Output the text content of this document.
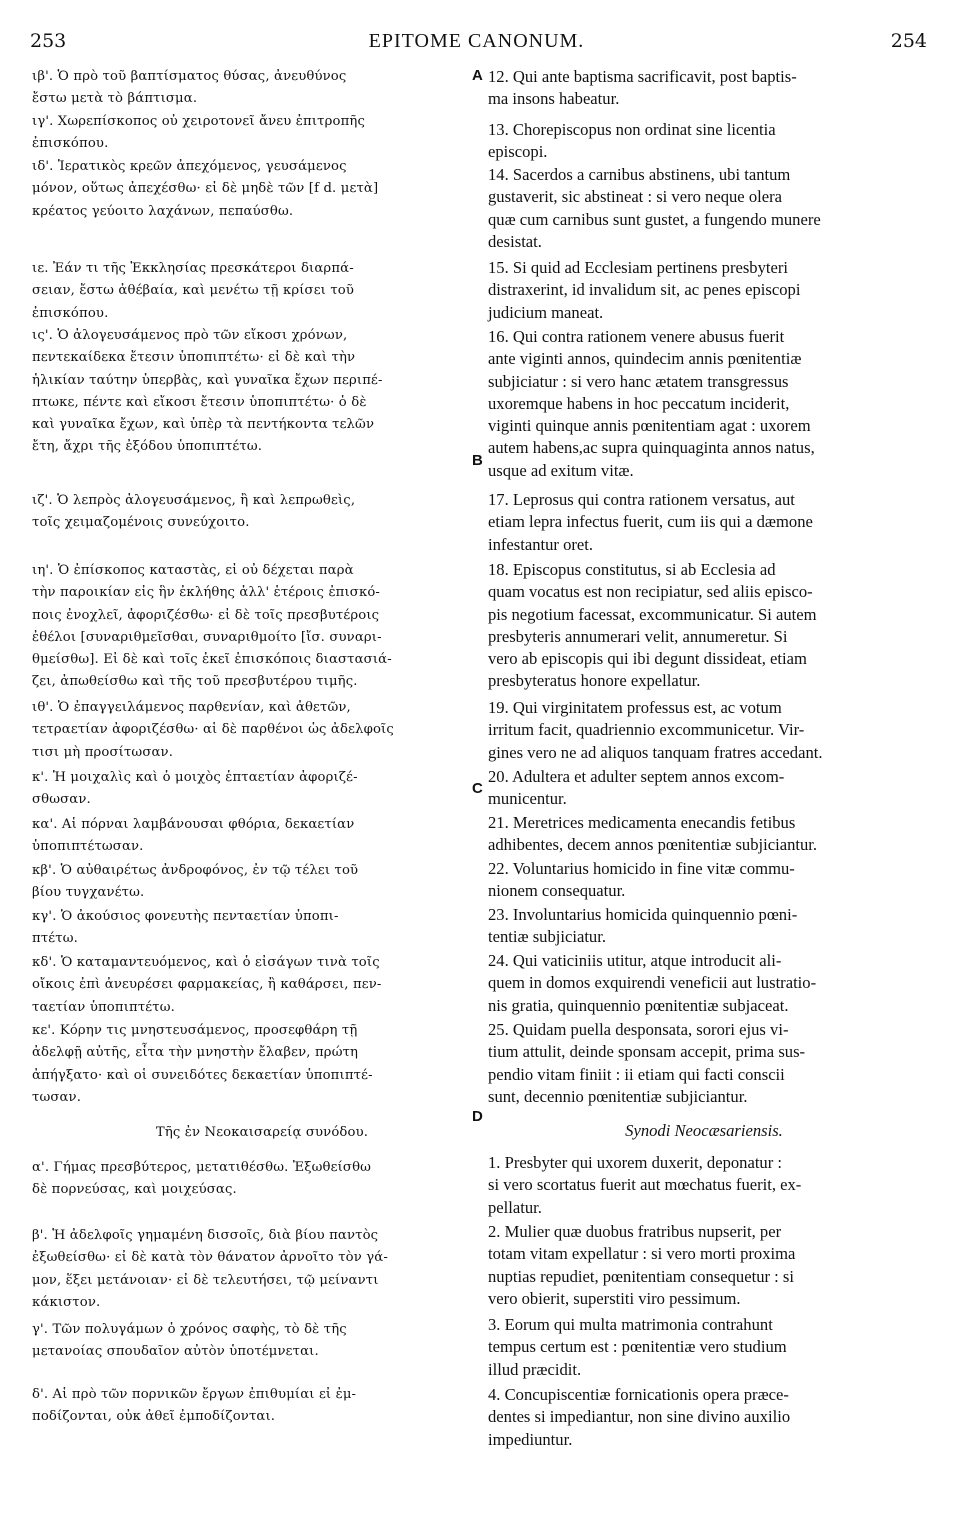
253	EPITOME CANONUM.	254

ιβ'. Ὁ πρὸ τοῦ βαπτίσματος θύσας, ἀνευθύνος
ἔστω μετὰ τὸ βάπτισμα.

ιγ'. Χωρεπίσκοπος οὐ χειροτονεῖ ἄνευ ἐπιτροπῆς
ἐπισκόπου.

ιδ'. Ἱερατικὸς κρεῶν ἀπεχόμενος, γευσάμενος
μόνον, οὕτως ἀπεχέσθω· εἰ δὲ μηδὲ τῶν [f d. μετὰ]
κρέατος γεύοιτο λαχάνων, πεπαύσθω.

ιε. Ἐάν τι τῆς Ἐκκλησίας πρεσκάτεροι διαρπά-
σειαν, ἔστω ἀθέβαία, καὶ μενέτω τῇ κρίσει τοῦ
ἐπισκόπου.

ις'. Ὁ ἀλογευσάμενος πρὸ τῶν εἴκοσι χρόνων,
πεντεκαίδεκα ἔτεσιν ὑποπιπτέτω· εἰ δὲ καὶ τὴν
ἡλικίαν ταύτην ὑπερβὰς, καὶ γυναῖκα ἔχων περιπέ-
πτωκε, πέντε καὶ εἴκοσι ἔτεσιν ὑποπιπτέτω· ὁ δὲ
καὶ γυναῖκα ἔχων, καὶ ὑπὲρ τὰ πεντήκοντα τελῶν
ἔτη, ἄχρι τῆς ἐξόδου ὑποπιπτέτω.

ιζ'. Ὁ λεπρὸς ἀλογευσάμενος, ἢ καὶ λεπρωθεὶς,
τοῖς χειμαζομένοις συνεύχοιτο.

ιη'. Ὁ ἐπίσκοπος καταστὰς, εἰ οὐ δέχεται παρὰ
τὴν παροικίαν εἰς ἣν ἐκλήθης ἀλλ' ἑτέροις ἐπισκό-
ποις ἐνοχλεῖ, ἀφοριζέσθω· εἰ δὲ τοῖς πρεσβυτέροις
ἐθέλοι [συναριθμεῖσθαι, συναριθμοίτο [ἴσ. συναρι-
θμείσθω]. Εἰ δὲ καὶ τοῖς ἐκεῖ ἐπισκόποις διαστασιά-
ζει, ἀπωθείσθω καὶ τῆς τοῦ πρεσβυτέρου τιμῆς.

ιθ'. Ὁ ἐπαγγειλάμενος παρθενίαν, καὶ ἀθετῶν,
τετραετίαν ἀφοριζέσθω· αἱ δὲ παρθένοι ὡς ἀδελφοῖς
τισι μὴ προσίτωσαν.

κ'. Ἡ μοιχαλὶς καὶ ὁ μοιχὸς ἑπταετίαν ἀφοριζέ-
σθωσαν.

κα'. Αἱ πόρναι λαμβάνουσαι φθόρια, δεκαετίαν
ὑποπιπτέτωσαν.

κβ'. Ὁ αὐθαιρέτως ἀνδροφόνος, ἐν τῷ τέλει τοῦ
βίου τυγχανέτω.

κγ'. Ὁ ἀκούσιος φονευτὴς πενταετίαν ὑποπι-
πτέτω.

κδ'. Ὁ καταμαντευόμενος, καὶ ὁ εἰσάγων τινὰ τοῖς
οἴκοις ἐπὶ ἀνευρέσει φαρμακείας, ἢ καθάρσει, πεν-
ταετίαν ὑποπιπτέτω.

κε'. Κόρην τις μνηστευσάμενος, προσεφθάρη τῇ
ἀδελφῇ αὐτῆς, εἶτα τὴν μνηστὴν ἔλαβεν, πρώτη
ἀπήγξατο· καὶ οἱ συνειδότες δεκαετίαν ὑποπιπτέ-
τωσαν.

Τῆς ἐν Νεοκαισαρείᾳ συνόδου.

α'. Γήμας πρεσβύτερος, μετατιθέσθω. Ἐξωθείσθω
δὲ πορνεύσας, καὶ μοιχεύσας.

β'. Ἡ ἀδελφοῖς γημαμένη δισσοῖς, διὰ βίου παντὸς
ἐξωθείσθω· εἰ δὲ κατὰ τὸν θάνατον ἀρνοῖτο τὸν γά-
μον, ἕξει μετάνοιαν· εἰ δὲ τελευτήσει, τῷ μείναντι
κάκιστον.

γ'. Τῶν πολυγάμων ὁ χρόνος σαφὴς, τὸ δὲ τῆς
μετανοίας σπουδαῖον αὐτὸν ὑποτέμνεται.

δ'. Αἱ πρὸ τῶν πορνικῶν ἔργων ἐπιθυμίαι εἰ ἐμ-
ποδίζονται, οὐκ ἀθεῖ ἐμποδίζονται.

A
B
C
D

12. Qui ante baptisma sacrificavit, post baptis-
ma insons habeatur.

13. Chorepiscopus non ordinat sine licentia
episcopi.

14. Sacerdos a carnibus abstinens, ubi tantum
gustaverit, sic abstineat : si vero neque olera
quæ cum carnibus sunt gustet, a fungendo munere
desistat.

15. Si quid ad Ecclesiam pertinens presbyteri
distraxerint, id invalidum sit, ac penes episcopi
judicium maneat.

16. Qui contra rationem venere abusus fuerit
ante viginti annos, quindecim annis pœnitentiæ
subjiciatur : si vero hanc ætatem transgressus
uxoremque habens in hoc peccatum inciderit,
viginti quinque annis pœnitentiam agat : uxorem
autem habens,ac supra quinquaginta annos natus,
usque ad exitum vitæ.

17. Leprosus qui contra rationem versatus, aut
etiam lepra infectus fuerit, cum iis qui a dæmone
infestantur oret.

18. Episcopus constitutus, si ab Ecclesia ad
quam vocatus est non recipiatur, sed aliis episco-
pis negotium facessat, excommunicatur. Si autem
presbyteris annumerari velit, annumeretur. Si
vero ab episcopis qui ibi degunt dissideat, etiam
presbyteratus honore expellatur.

19. Qui virginitatem professus est, ac votum
irritum facit, quadriennio excommunicetur. Vir-
gines vero ne ad aliquos tanquam fratres accedant.

20. Adultera et adulter septem annos excom-
municentur.

21. Meretrices medicamenta enecandis fetibus
adhibentes, decem annos pœnitentiæ subjiciantur.

22. Voluntarius homicido in fine vitæ commu-
nionem consequatur.

23. Involuntarius homicida quinquennio pœni-
tentiæ subjiciatur.

24. Qui vaticiniis utitur, atque introducit ali-
quem in domos exquirendi veneficii aut lustratio-
nis gratia, quinquennio pœnitentiæ subjaceat.

25. Quidam puella desponsata, sorori ejus vi-
tium attulit, deinde sponsam accepit, prima sus-
pendio vitam finiit : ii etiam qui facti conscii
sunt, decennio pœnitentiæ subjiciantur.

Synodi Neocæsariensis.

1. Presbyter qui uxorem duxerit, deponatur :
si vero scortatus fuerit aut mœchatus fuerit, ex-
pellatur.

2. Mulier quæ duobus fratribus nupserit, per
totam vitam expellatur : si vero morti proxima
nuptias repudiet, pœnitentiam consequetur : si
vero obierit, superstiti viro pessimum.

3. Eorum qui multa matrimonia contrahunt
tempus certum est : pœnitentiæ vero studium
illud præcidit.

4. Concupiscentiæ fornicationis opera præce-
dentes si impediantur, non sine divino auxilio
impediuntur.
